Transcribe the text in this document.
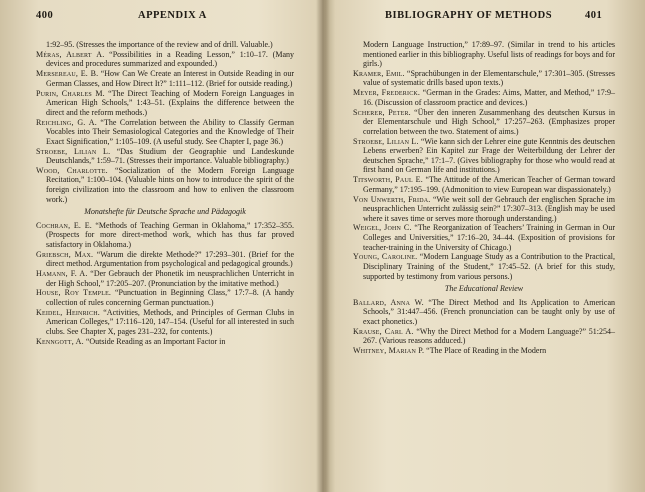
400	APPENDIX A
1:92–95. (Stresses the importance of the review and of drill. Valuable.)
Méras, Albert A. “Possibilities in a Reading Lesson,” 1:10–17. (Many devices and procedures summarized and expounded.)
Mersereau, E. B. “How Can We Create an Interest in Outside Reading in our German Classes, and How Direct It?” 1:111–112. (Brief for outside reading.)
Purin, Charles M. “The Direct Teaching of Modern Foreign Languages in American High Schools,” 1:43–51. (Explains the difference between the direct and the reform methods.)
Reichling, G. A. “The Correlation between the Ability to Classify German Vocables into Their Semasiological Categories and the Knowledge of Their Exact Signification,” 1:105–109. (A useful study. See Chapter I, page 36.)
Stroebe, Lilian L. “Das Studium der Geographie und Landeskunde Deutschlands,” 1:59–71. (Stresses their importance. Valuable bibliography.)
Wood, Charlotte. “Socialization of the Modern Foreign Language Recitation,” 1:100–104. (Valuable hints on how to introduce the spirit of the foreign civilization into the classroom and how to enliven the classroom work.)
Monatshefte für Deutsche Sprache und Pädagogik
Cochran, E. E. “Methods of Teaching German in Oklahoma,” 17:352–355. (Prospects for more direct-method work, which has thus far proved satisfactory in Oklahoma.)
Griebsch, Max. “Warum die direkte Methode?” 17:293–301. (Brief for the direct method. Argumentation from psychological and pedagogical grounds.)
Hamann, F. A. “Der Gebrauch der Phonetik im neusprachlichen Unterricht in der High School,” 17:205–207. (Pronunciation by the imitative method.)
House, Roy Temple. “Punctuation in Beginning Class,” 17:7–8. (A handy collection of rules concerning German punctuation.)
Keidel, Heinrich. “Activities, Methods, and Principles of German Clubs in American Colleges,” 17:116–120, 147–154. (Useful for all interested in such clubs. See Chapter X, pages 231–232, for contents.)
Kenngott, A. “Outside Reading as an Important Factor in
BIBLIOGRAPHY OF METHODS	401
Modern Language Instruction,” 17:89–97. (Similar in trend to his articles mentioned earlier in this bibliography. Useful lists of readings for boys and for girls.)
Kramer, Emil. “Sprachübungen in der Elementarschule,” 17:301–305. (Stresses value of systematic drills based upon texts.)
Meyer, Frederick. “German in the Grades: Aims, Matter, and Method,” 17:9–16. (Discussion of classroom practice and devices.)
Scherer, Peter. “Über den inneren Zusammenhang des deutschen Kursus in der Elementarschule und High School,” 17:257–263. (Emphasizes proper correlation between the two. Statement of aims.)
Stroebe, Lilian L. “Wie kann sich der Lehrer eine gute Kenntnis des deutschen Lebens erwerben? Ein Kapitel zur Frage der Weiterbildung der Lehrer der deutschen Sprache,” 17:1–7. (Gives bibliography for those who would read at first hand on German life and institutions.)
Titsworth, Paul E. “The Attitude of the American Teacher of German toward Germany,” 17:195–199. (Admonition to view European war dispassionately.)
Von Unwerth, Frida. “Wie weit soll der Gebrauch der englischen Sprache im neusprachlichen Unterricht zulässig sein?” 17:307–313. (English may be used where it saves time or serves more thorough understanding.)
Weigel, John C. “The Reorganization of Teachers’ Training in German in Our Colleges and Universities,” 17:16–20, 34–44. (Exposition of provisions for teacher-training in the University of Chicago.)
Young, Caroline. “Modern Language Study as a Contribution to the Practical, Disciplinary Training of the Student,” 17:45–52. (A brief for this study, supported by testimony from various persons.)
The Educational Review
Ballard, Anna W. “The Direct Method and Its Application to American Schools,” 31:447–456. (French pronunciation can be taught only by use of exact phonetics.)
Krause, Carl A. “Why the Direct Method for a Modern Language?” 51:254–267. (Various reasons adduced.)
Whitney, Marian P. “The Place of Reading in the Modern
